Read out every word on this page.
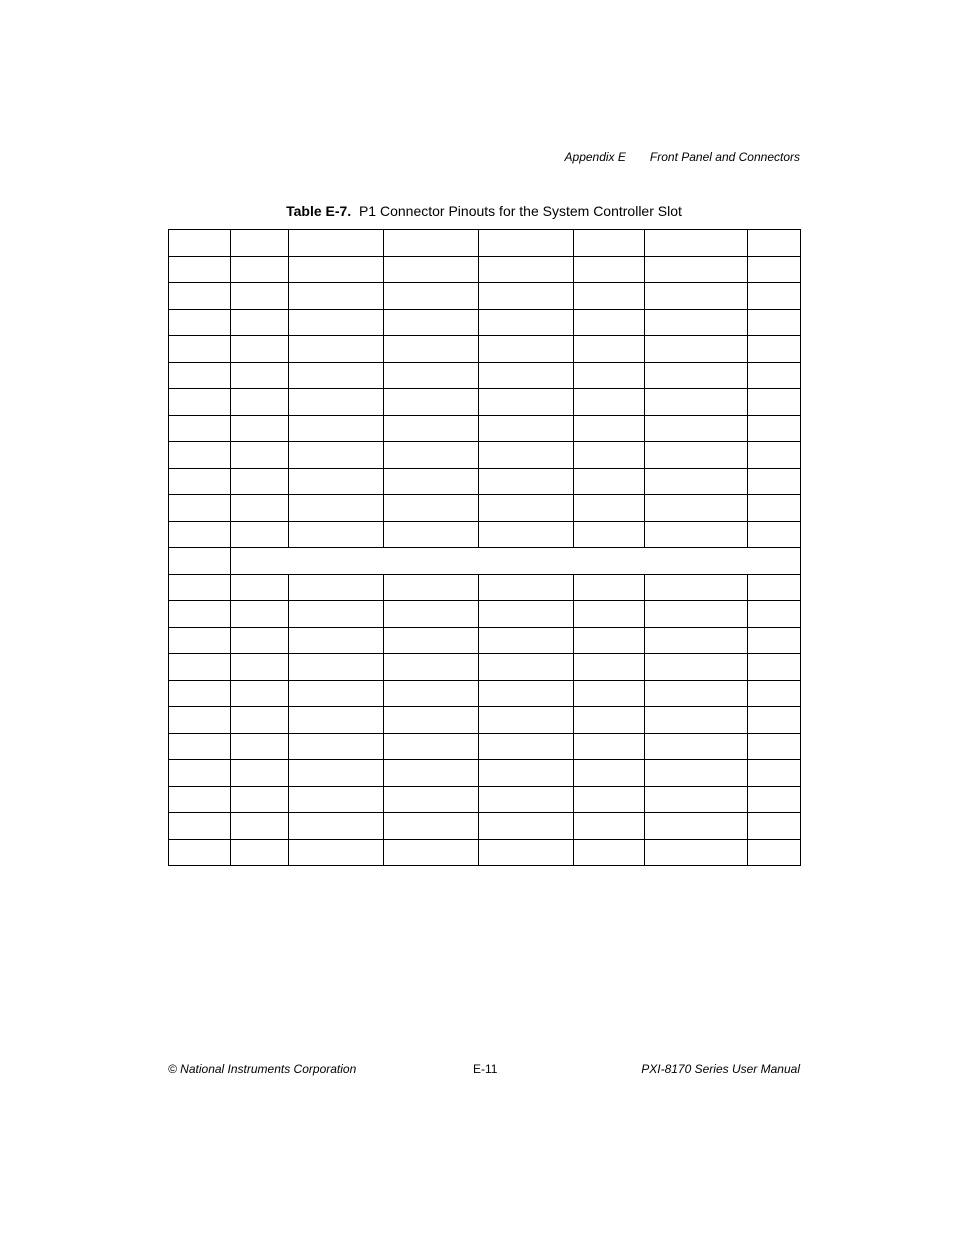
Appendix E Front Panel and Connectors
Table E-7. P1 Connector Pinouts for the System Controller Slot

© National Instruments Corporation	E-11	PXI-8170 Series User Manual
